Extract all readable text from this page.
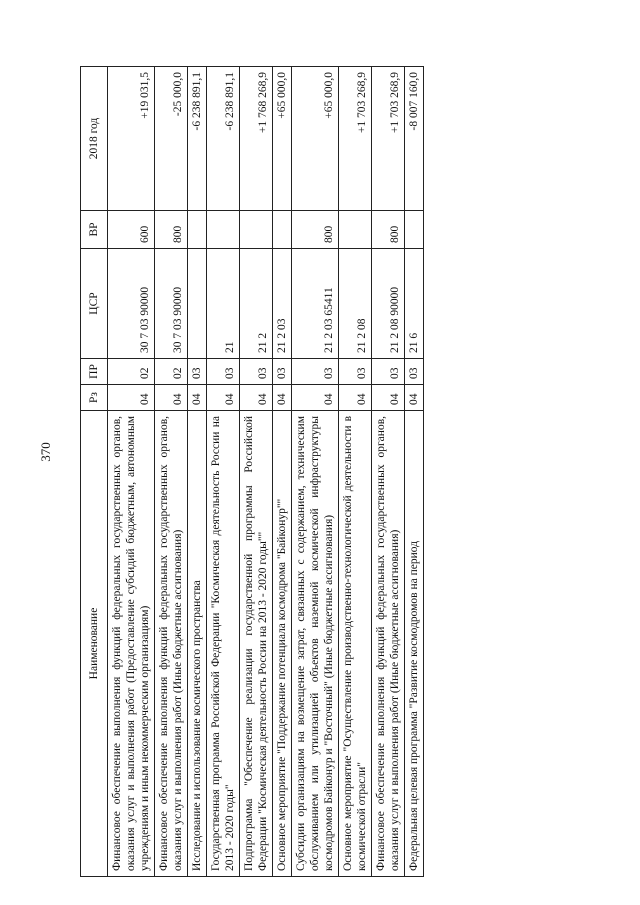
370
Наименование	Рз	ПР	ЦСР	ВР	2018 год
Финансовое обеспечение выполнения функций федеральных государственных органов, оказания услуг и выполнения работ (Предоставление субсидий бюджетным, автономным учреждениям и иным некоммерческим организациям)	04	02	30 7 03 90000	600	+19 031,5
Финансовое обеспечение выполнения функций федеральных государственных органов, оказания услуг и выполнения работ (Иные бюджетные ассигнования)	04	02	30 7 03 90000	800	-25 000,0
Исследование и использование космического пространства	04	03			-6 238 891,1
Государственная программа Российской Федерации "Космическая деятельность России на 2013 - 2020 годы"	04	03	21		-6 238 891,1
Подпрограмма "Обеспечение реализации государственной программы Российской Федерации "Космическая деятельность России на 2013 - 2020 годы""	04	03	21 2		+1 768 268,9
Основное мероприятие "Поддержание потенциала космодрома "Байконур""	04	03	21 2 03		+65 000,0
Субсидии организациям на возмещение затрат, связанных с содержанием, техническим обслуживанием или утилизацией объектов наземной космической инфраструктуры космодромов Байконур и "Восточный" (Иные бюджетные ассигнования)	04	03	21 2 03 65411	800	+65 000,0
Основное мероприятие "Осуществление производственно-технологической деятельности в космической отрасли"	04	03	21 2 08		+1 703 268,9
Финансовое обеспечение выполнения функций федеральных государственных органов, оказания услуг и выполнения работ (Иные бюджетные ассигнования)	04	03	21 2 08 90000	800	+1 703 268,9
Федеральная целевая программа "Развитие космодромов на период	04	03	21 6		-8 007 160,0
